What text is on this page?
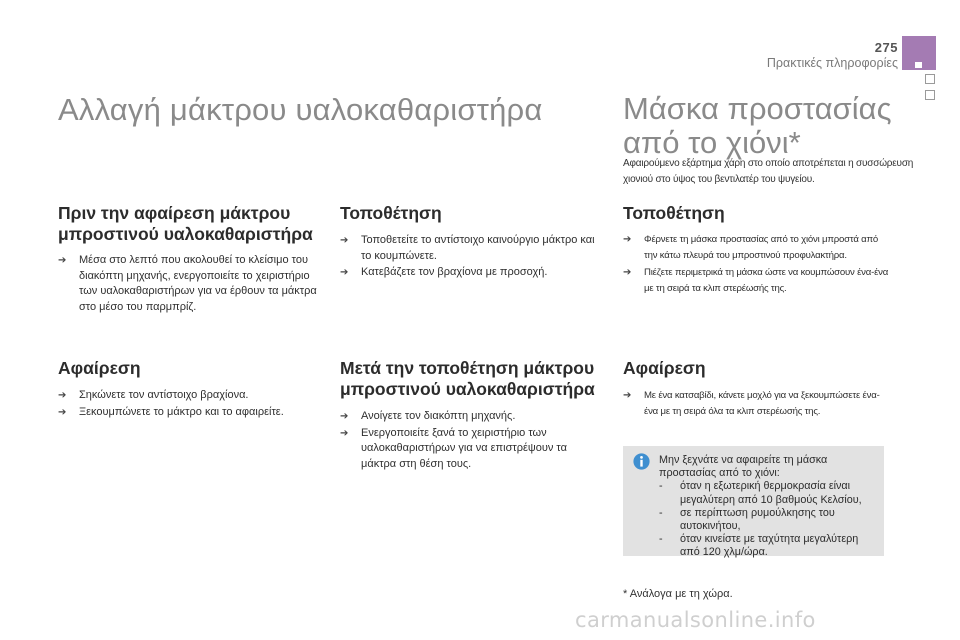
275
Πρακτικές πληροφορίες
Αλλαγή μάκτρου υαλοκαθαριστήρα
Πριν την αφαίρεση μάκτρου μπροστινού υαλοκαθαριστήρα
➔ Μέσα στο λεπτό που ακολουθεί το κλείσιμο του διακόπτη μηχανής, ενεργοποιείτε το χειριστήριο των υαλοκαθαριστήρων για να έρθουν τα μάκτρα στο μέσο του παρμπρίζ.
Αφαίρεση
➔ Σηκώνετε τον αντίστοιχο βραχίονα.
➔ Ξεκουμπώνετε το μάκτρο και το αφαιρείτε.
Τοποθέτηση
➔ Τοποθετείτε το αντίστοιχο καινούργιο μάκτρο και το κουμπώνετε.
➔ Κατεβάζετε τον βραχίονα με προσοχή.
Μετά την τοποθέτηση μάκτρου μπροστινού υαλοκαθαριστήρα
➔ Ανοίγετε τον διακόπτη μηχανής.
➔ Ενεργοποιείτε ξανά το χειριστήριο των υαλοκαθαριστήρων για να επιστρέψουν τα μάκτρα στη θέση τους.
Μάσκα προστασίας
από το χιόνι*
Αφαιρούμενο εξάρτημα χάρη στο οποίο αποτρέπεται η συσσώρευση χιονιού στο ύψος του βεντιλατέρ του ψυγείου.
Τοποθέτηση
➔ Φέρνετε τη μάσκα προστασίας από το χιόνι μπροστά από την κάτω πλευρά του μπροστινού προφυλακτήρα.
➔ Πιέζετε περιμετρικά τη μάσκα ώστε να κουμπώσουν ένα-ένα με τη σειρά τα κλιπ στερέωσής της.
Αφαίρεση
➔ Με ένα κατσαβίδι, κάνετε μοχλό για να ξεκουμπώσετε ένα-ένα με τη σειρά όλα τα κλιπ στερέωσής της.
Μην ξεχνάτε να αφαιρείτε τη μάσκα προστασίας από το χιόνι:
- όταν η εξωτερική θερμοκρασία είναι μεγαλύτερη από 10 βαθμούς Κελσίου,
- σε περίπτωση ρυμούλκησης του αυτοκινήτου,
- όταν κινείστε με ταχύτητα μεγαλύτερη από 120 χλμ/ώρα.
* Ανάλογα με τη χώρα.
carmanualsonline.info
